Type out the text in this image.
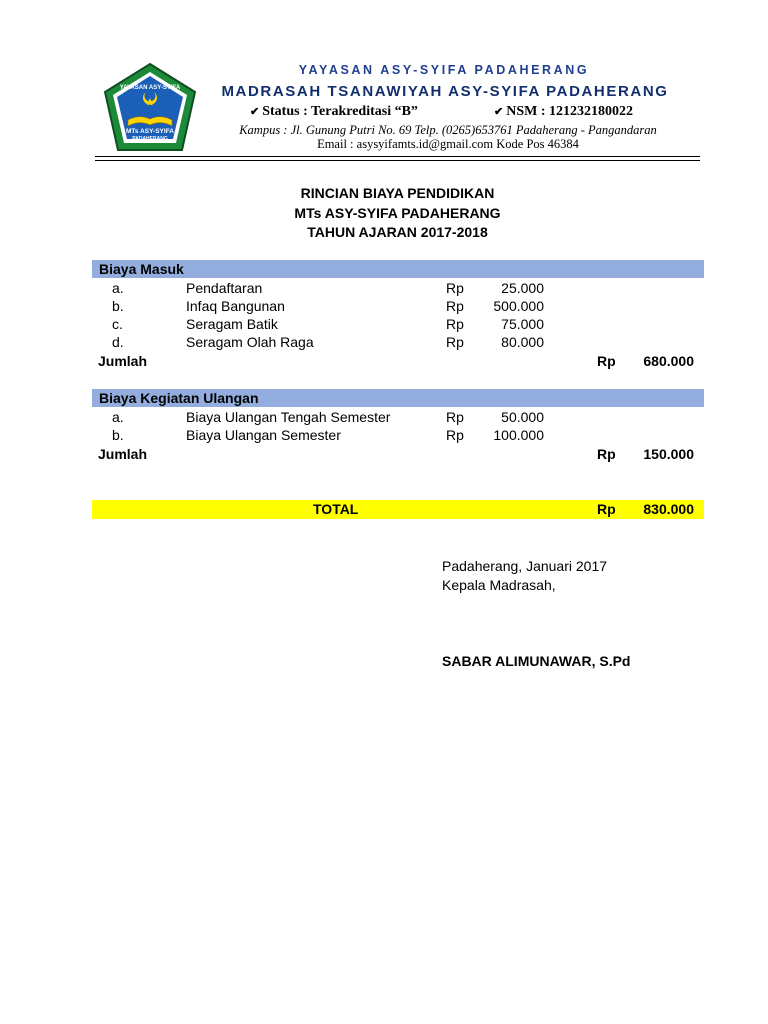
YAYASAN ASY-SYIFA
MTs ASY-SYIFA
PADAHERANG
YAYASAN ASY-SYIFA PADAHERANG
MADRASAH TSANAWIYAH ASY-SYIFA PADAHERANG
✔ Status : Terakreditasi “B”	✔ NSM : 121232180022
Kampus : Jl. Gunung Putri No. 69 Telp. (0265)653761 Padaherang - Pangandaran
Email : asysyifamts.id@gmail.com Kode Pos 46384
RINCIAN BIAYA PENDIDIKAN
MTs ASY-SYIFA PADAHERANG
TAHUN AJARAN 2017-2018
Biaya Masuk
a.	Pendaftaran	Rp	25.000
b.	Infaq Bangunan	Rp	500.000
c.	Seragam Batik	Rp	75.000
d.	Seragam Olah Raga	Rp	80.000
Jumlah	Rp	680.000
Biaya Kegiatan Ulangan
a.	Biaya Ulangan Tengah Semester	Rp	50.000
b.	Biaya Ulangan Semester	Rp	100.000
Jumlah	Rp	150.000
TOTAL	Rp	830.000
Padaherang, Januari 2017
Kepala Madrasah,
SABAR ALIMUNAWAR, S.Pd
